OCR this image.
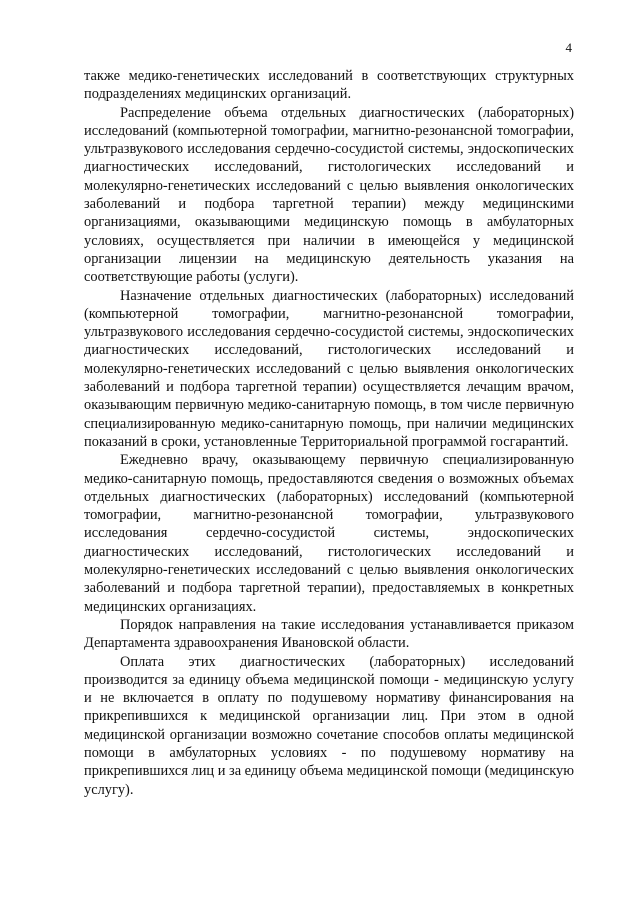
4

также медико-генетических исследований в соответствующих структурных подразделениях медицинских организаций.

Распределение объема отдельных диагностических (лабораторных) исследований (компьютерной томографии, магнитно-резонансной томографии, ультразвукового исследования сердечно-сосудистой системы, эндоскопических диагностических исследований, гистологических исследований и молекулярно-генетических исследований с целью выявления онкологических заболеваний и подбора таргетной терапии) между медицинскими организациями, оказывающими медицинскую помощь в амбулаторных условиях, осуществляется при наличии в имеющейся у медицинской организации лицензии на медицинскую деятельность указания на соответствующие работы (услуги).

Назначение отдельных диагностических (лабораторных) исследований (компьютерной томографии, магнитно-резонансной томографии, ультразвукового исследования сердечно-сосудистой системы, эндоскопических диагностических исследований, гистологических исследований и молекулярно-генетических исследований с целью выявления онкологических заболеваний и подбора таргетной терапии) осуществляется лечащим врачом, оказывающим первичную медико-санитарную помощь, в том числе первичную специализированную медико-санитарную помощь, при наличии медицинских показаний в сроки, установленные Территориальной программой госгарантий.

Ежедневно врачу, оказывающему первичную специализированную медико-санитарную помощь, предоставляются сведения о возможных объемах отдельных диагностических (лабораторных) исследований (компьютерной томографии, магнитно-резонансной томографии, ультразвукового исследования сердечно-сосудистой системы, эндоскопических диагностических исследований, гистологических исследований и молекулярно-генетических исследований с целью выявления онкологических заболеваний и подбора таргетной терапии), предоставляемых в конкретных медицинских организациях.

Порядок направления на такие исследования устанавливается приказом Департамента здравоохранения Ивановской области.

Оплата этих диагностических (лабораторных) исследований производится за единицу объема медицинской помощи - медицинскую услугу и не включается в оплату по подушевому нормативу финансирования на прикрепившихся к медицинской организации лиц. При этом в одной медицинской организации возможно сочетание способов оплаты медицинской помощи в амбулаторных условиях - по подушевому нормативу на прикрепившихся лиц и за единицу объема медицинской помощи (медицинскую услугу).
